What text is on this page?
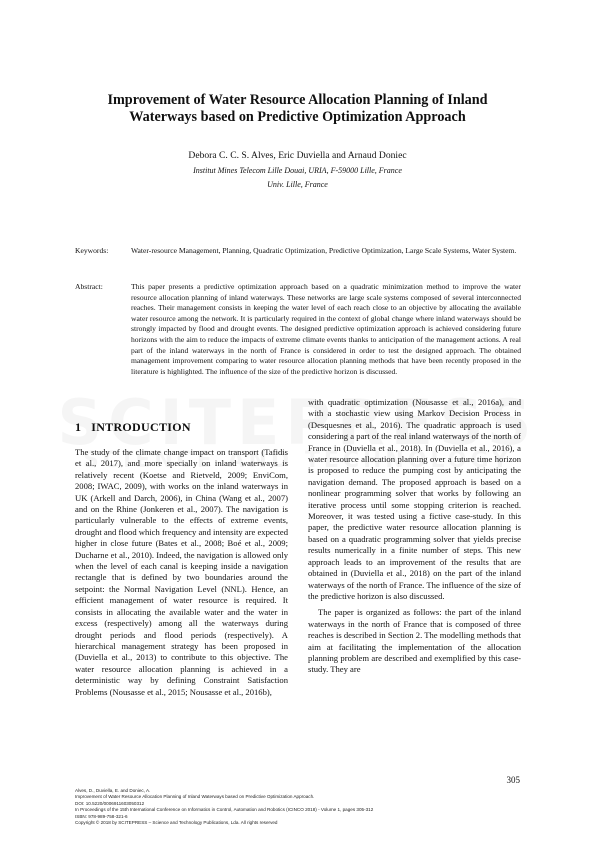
Improvement of Water Resource Allocation Planning of Inland
Waterways based on Predictive Optimization Approach
Debora C. C. S. Alves, Eric Duviella and Arnaud Doniec
Institut Mines Telecom Lille Douai, URIA, F-59000 Lille, France
Univ. Lille, France
Keywords:	Water-resource Management, Planning, Quadratic Optimization, Predictive Optimization, Large Scale Systems, Water System.
Abstract:	This paper presents a predictive optimization approach based on a quadratic minimization method to improve the water resource allocation planning of inland waterways. These networks are large scale systems composed of several interconnected reaches. Their management consists in keeping the water level of each reach close to an objective by allocating the available water resource among the network. It is particularly required in the context of global change where inland waterways should be strongly impacted by flood and drought events. The designed predictive optimization approach is achieved considering future horizons with the aim to reduce the impacts of extreme climate events thanks to anticipation of the management actions. A real part of the inland waterways in the north of France is considered in order to test the designed approach. The obtained management improvement comparing to water resource allocation planning methods that have been recently proposed in the literature is highlighted. The influence of the size of the predictive horizon is discussed.
1 INTRODUCTION

The study of the climate change impact on transport (Tafidis et al., 2017), and more specially on inland waterways is relatively recent (Koetse and Rietveld, 2009; EnviCom, 2008; IWAC, 2009), with works on the inland waterways in UK (Arkell and Darch, 2006), in China (Wang et al., 2007) and on the Rhine (Jonkeren et al., 2007). The navigation is particularly vulnerable to the effects of extreme events, drought and flood which frequency and intensity are expected higher in close future (Bates et al., 2008; Boé et al., 2009; Ducharne et al., 2010). Indeed, the navigation is allowed only when the level of each canal is keeping inside a navigation rectangle that is defined by two boundaries around the setpoint: the Normal Navigation Level (NNL). Hence, an efficient management of water resource is required. It consists in allocating the available water and the water in excess (respectively) among all the waterways during drought periods and flood periods (respectively). A hierarchical management strategy has been proposed in (Duviella et al., 2013) to contribute to this objective. The water resource allocation planning is achieved in a deterministic way by defining Constraint Satisfaction Problems (Nousasse et al., 2015; Nousasse et al., 2016b),

with quadratic optimization (Nousasse et al., 2016a), and with a stochastic view using Markov Decision Process in (Desquesnes et al., 2016). The quadratic approach is used considering a part of the real inland waterways of the north of France in (Duviella et al., 2018). In (Duviella et al., 2016), a water resource allocation planning over a future time horizon is proposed to reduce the pumping cost by anticipating the navigation demand. The proposed approach is based on a nonlinear programming solver that works by following an iterative process until some stopping criterion is reached. Moreover, it was tested using a fictive case-study. In this paper, the predictive water resource allocation planning is based on a quadratic programming solver that yields precise results numerically in a finite number of steps. This new approach leads to an improvement of the results that are obtained in (Duviella et al., 2018) on the part of the inland waterways of the north of France. The influence of the size of the predictive horizon is also discussed.

The paper is organized as follows: the part of the inland waterways in the north of France that is composed of three reaches is described in Section 2. The modelling methods that aim at facilitating the implementation of the allocation planning problem are described and exemplified by this case-study. They are

305
Alves, D., Duviella, E. and Doniec, A.
Improvement of Water Resource Allocation Planning of Inland Waterways based on Predictive Optimization Approach.
DOI: 10.5220/0006911603050312
In Proceedings of the 15th International Conference on Informatics in Control, Automation and Robotics (ICINCO 2018) - Volume 1, pages 305-312
ISBN: 978-989-758-321-6
Copyright © 2018 by SCITEPRESS – Science and Technology Publications, Lda. All rights reserved
